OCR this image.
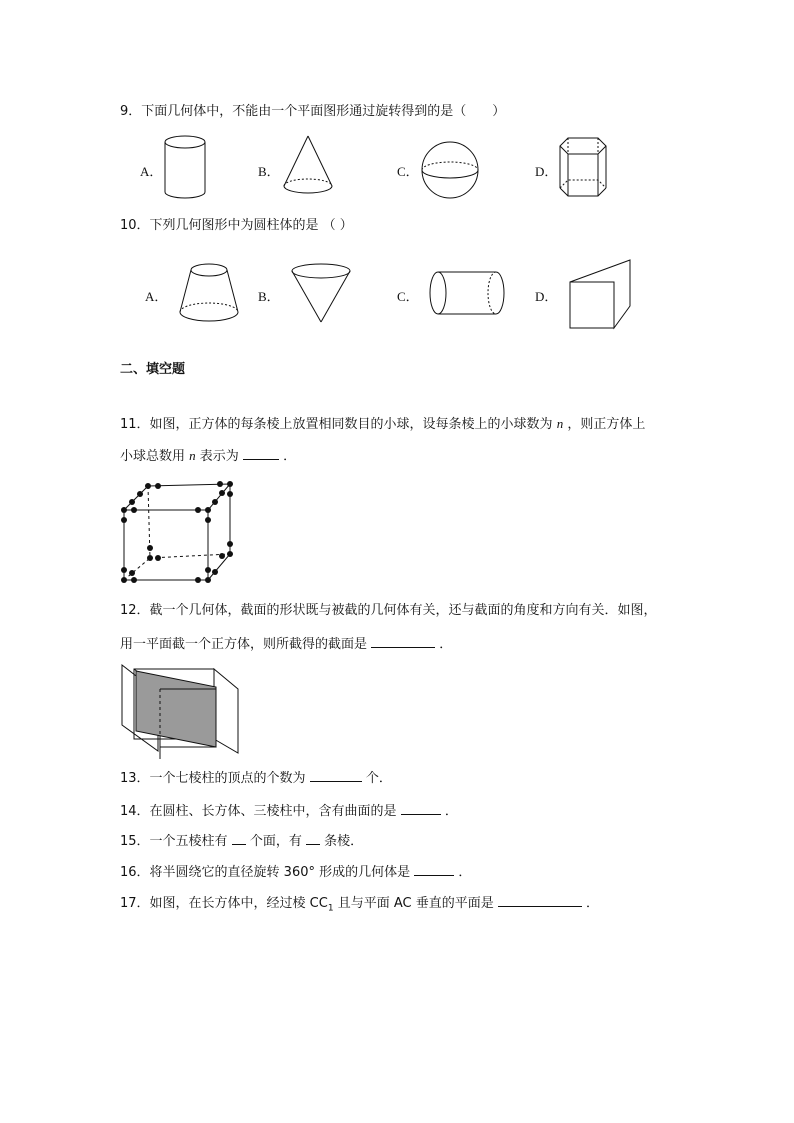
9．下面几何体中，不能由一个平面图形通过旋转得到的是（　　）
A．	B．	C．	D．
10．下列几何图形中为圆柱体的是 （ ）
A．	B．	C．	D．
二、填空题
11．如图，正方体的每条棱上放置相同数目的小球，设每条棱上的小球数为 n ，则正方体上
小球总数用 n 表示为	．
12．截一个几何体，截面的形状既与被截的几何体有关，还与截面的角度和方向有关．如图，
用一平面截一个正方体，则所截得的截面是	．
13．一个七棱柱的顶点的个数为	个．
14．在圆柱、长方体、三棱柱中，含有曲面的是	．
15．一个五棱柱有 个面，有 条棱．
16．将半圆绕它的直径旋转 360° 形成的几何体是	．
17．如图，在长方体中，经过棱 $CC_1$ 且与平面 AC 垂直的平面是	．
